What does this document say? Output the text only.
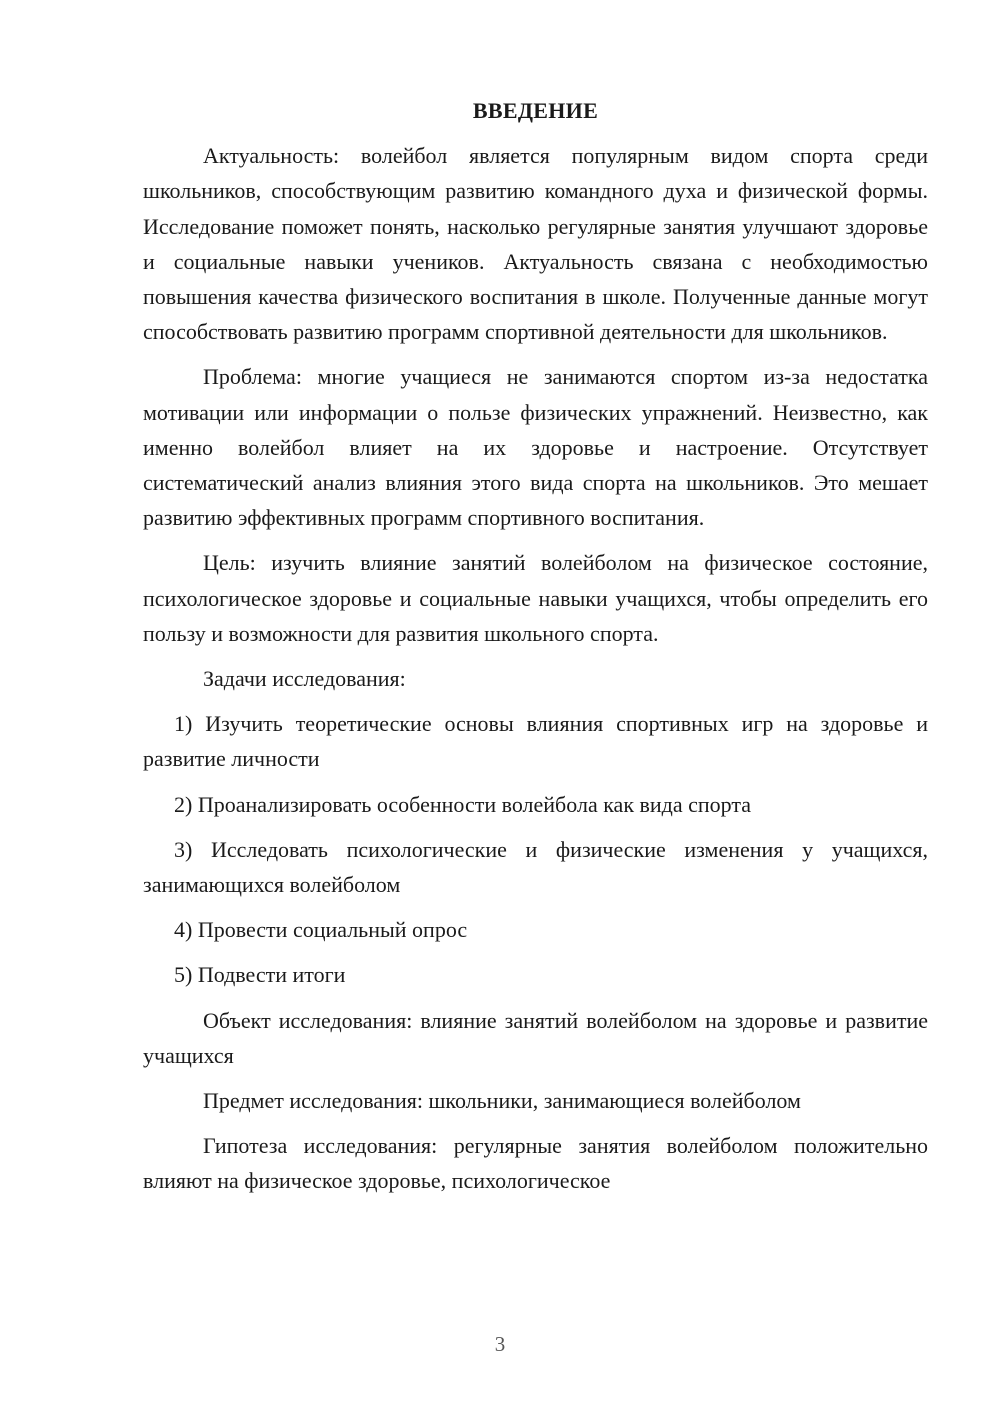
ВВЕДЕНИЕ

Актуальность: волейбол является популярным видом спорта среди школьников, способствующим развитию командного духа и физической формы. Исследование поможет понять, насколько регулярные занятия улучшают здоровье и социальные навыки учеников. Актуальность связана с необходимостью повышения качества физического воспитания в школе. Полученные данные могут способствовать развитию программ спортивной деятельности для школьников.

Проблема: многие учащиеся не занимаются спортом из-за недостатка мотивации или информации о пользе физических упражнений. Неизвестно, как именно волейбол влияет на их здоровье и настроение. Отсутствует систематический анализ влияния этого вида спорта на школьников. Это мешает развитию эффективных программ спортивного воспитания.

Цель: изучить влияние занятий волейболом на физическое состояние, психологическое здоровье и социальные навыки учащихся, чтобы определить его пользу и возможности для развития школьного спорта.

Задачи исследования:

1) Изучить теоретические основы влияния спортивных игр на здоровье и развитие личности

2) Проанализировать особенности волейбола как вида спорта

3) Исследовать психологические и физические изменения у учащихся, занимающихся волейболом

4) Провести социальный опрос

5) Подвести итоги

Объект исследования: влияние занятий волейболом на здоровье и развитие учащихся

Предмет исследования: школьники, занимающиеся волейболом

Гипотеза исследования: регулярные занятия волейболом положительно влияют на физическое здоровье, психологическое

3
